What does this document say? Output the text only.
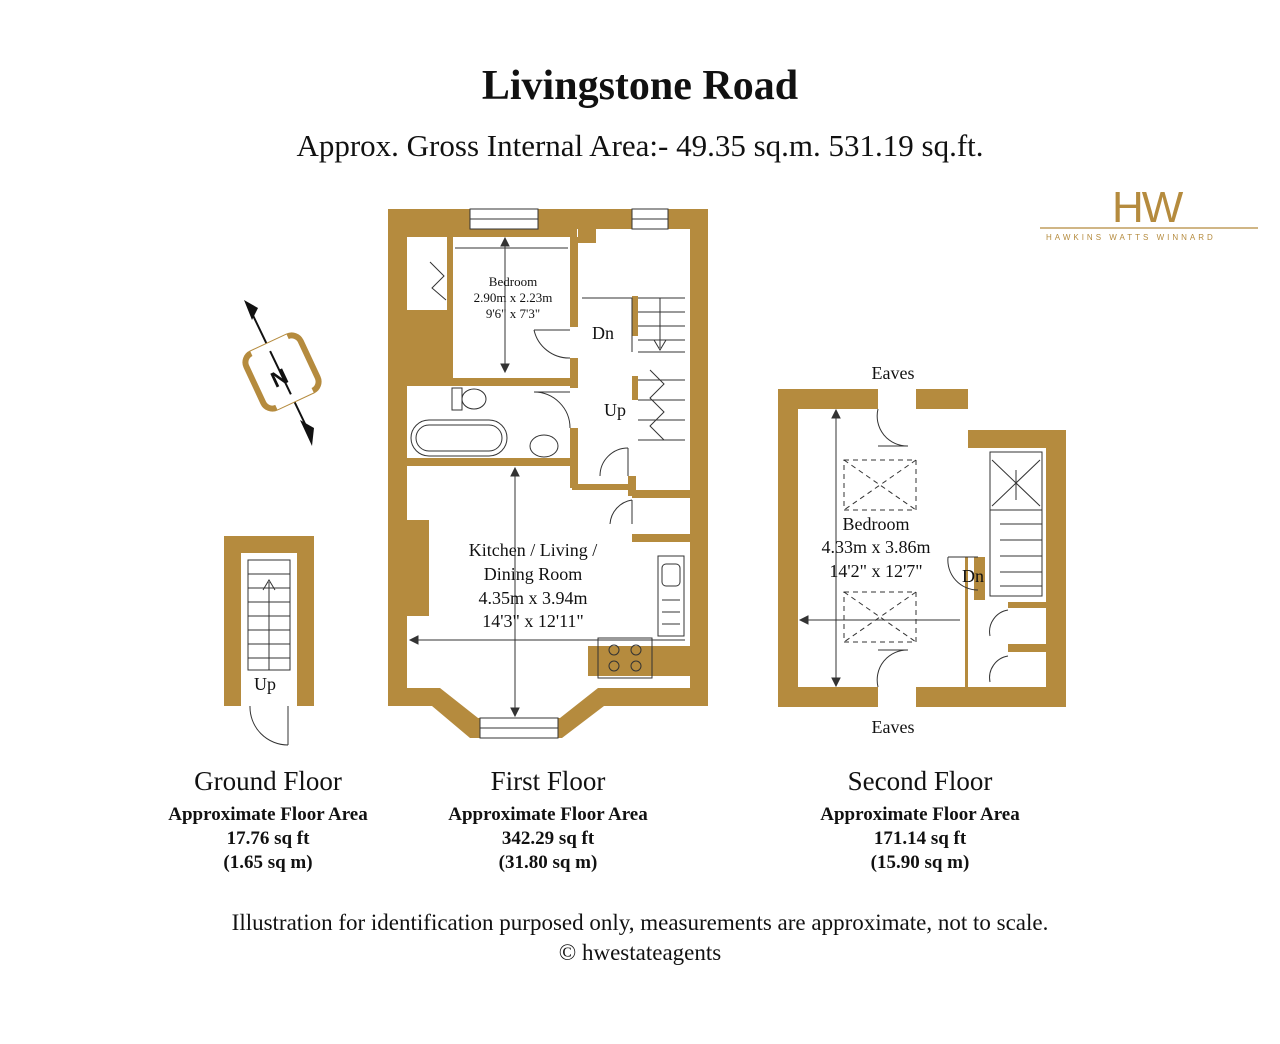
Livingstone Road
Approx. Gross Internal Area:- 49.35 sq.m. 531.19 sq.ft.
HW
HAWKINS WATTS WINNARD
N
Up
Bedroom
2.90m x 2.23m
9'6" x 7'3"
Dn
Up
Kitchen / Living /
Dining Room
4.35m x 3.94m
14'3" x 12'11"
Bedroom
4.33m x 3.86m
14'2" x 12'7" Dn
Eaves
Eaves
Ground Floor
Approximate Floor Area
17.76 sq ft
(1.65 sq m)
First Floor
Approximate Floor Area
342.29 sq ft
(31.80 sq m)
Second Floor
Approximate Floor Area
171.14 sq ft
(15.90 sq m)
Illustration for identification purposed only, measurements are approximate, not to scale.
© hwestateagents
